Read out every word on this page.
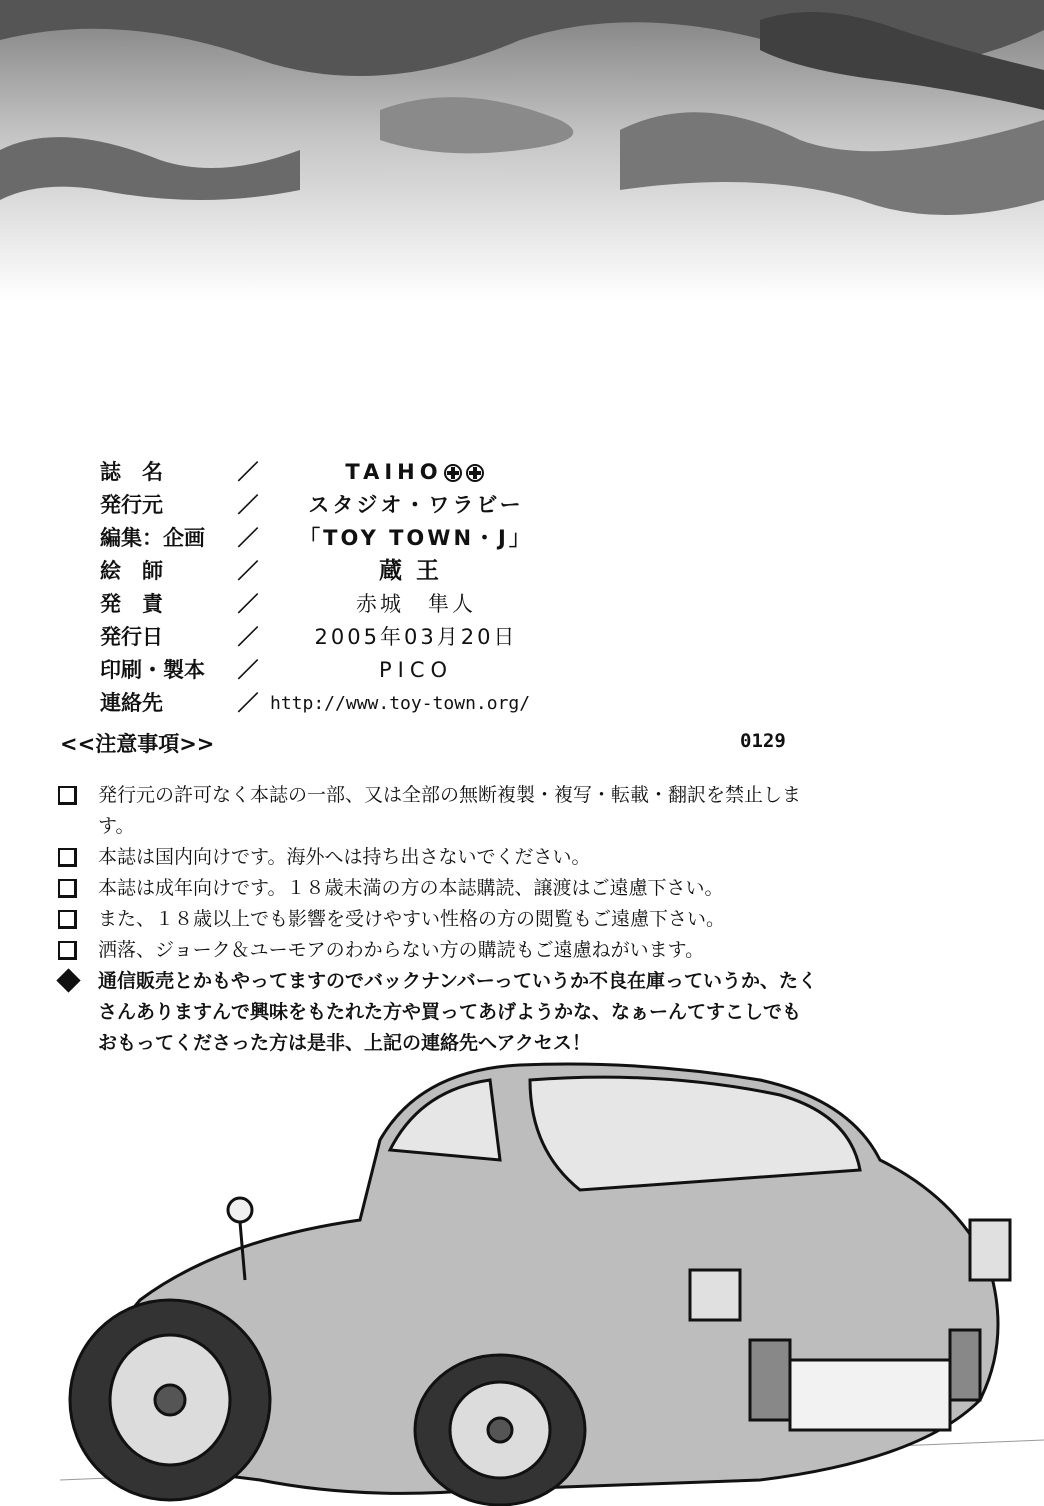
誌　名	／	TAIHO
発行元	／	スタジオ・ワラビー
編集：企画	／	「TOY TOWN・J」
絵　師	／	蔵王
発　責	／	赤城　隼人
発行日	／	2005年03月20日
印刷・製本	／	PICO
連絡先	／ http://www.toy-town.org/
<<注意事項>>	0129
発行元の許可なく本誌の一部、又は全部の無断複製・複写・転載・翻訳を禁止します。
本誌は国内向けです。海外へは持ち出さないでください。
本誌は成年向けです。１８歳未満の方の本誌購読、譲渡はご遠慮下さい。
また、１８歳以上でも影響を受けやすい性格の方の閲覧もご遠慮下さい。
洒落、ジョーク＆ユーモアのわからない方の購読もご遠慮ねがいます。
通信販売とかもやってますのでバックナンバーっていうか不良在庫っていうか、たくさんありますんで興味をもたれた方や買ってあげようかな、なぁーんてすこしでもおもってくださった方は是非、上記の連絡先へアクセス！
